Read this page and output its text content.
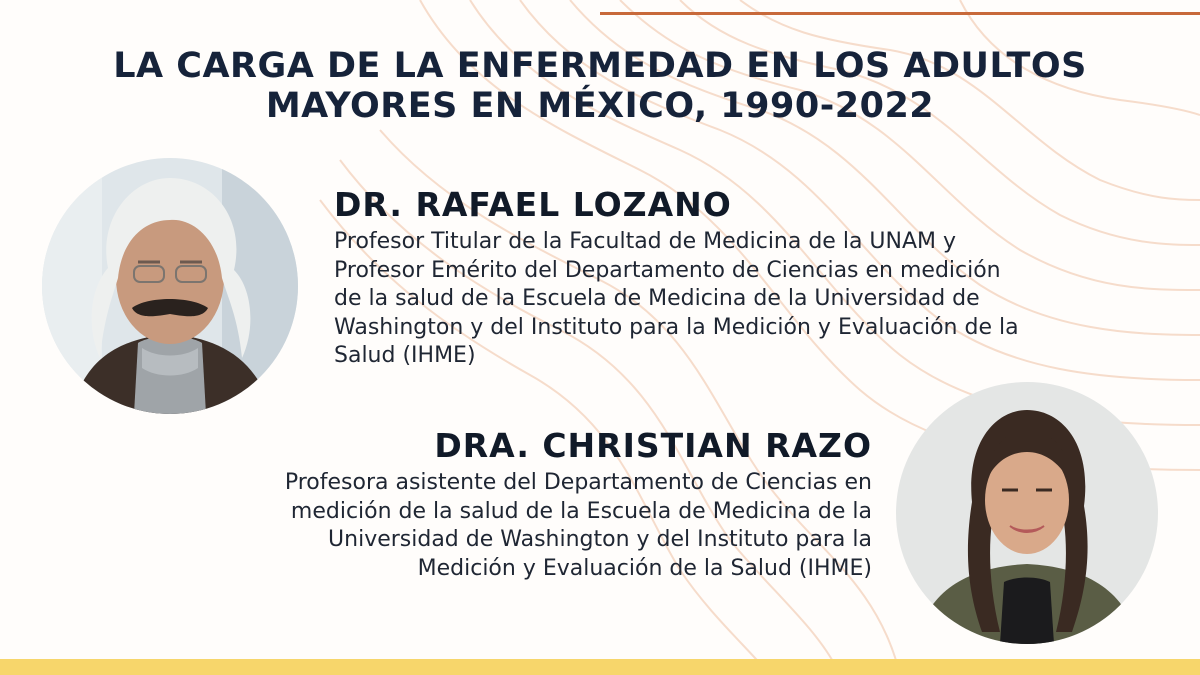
LA CARGA DE LA ENFERMEDAD EN LOS ADULTOS
MAYORES EN MÉXICO, 1990-2022
DR. RAFAEL LOZANO
Profesor Titular de la Facultad de Medicina de la UNAM y
Profesor Emérito del Departamento de Ciencias en medición
de la salud de la Escuela de Medicina de la Universidad de
Washington y del Instituto para la Medición y Evaluación de la
Salud (IHME)
DRA. CHRISTIAN RAZO
Profesora asistente del Departamento de Ciencias en
medición de la salud de la Escuela de Medicina de la
Universidad de Washington y del Instituto para la
Medición y Evaluación de la Salud (IHME)
